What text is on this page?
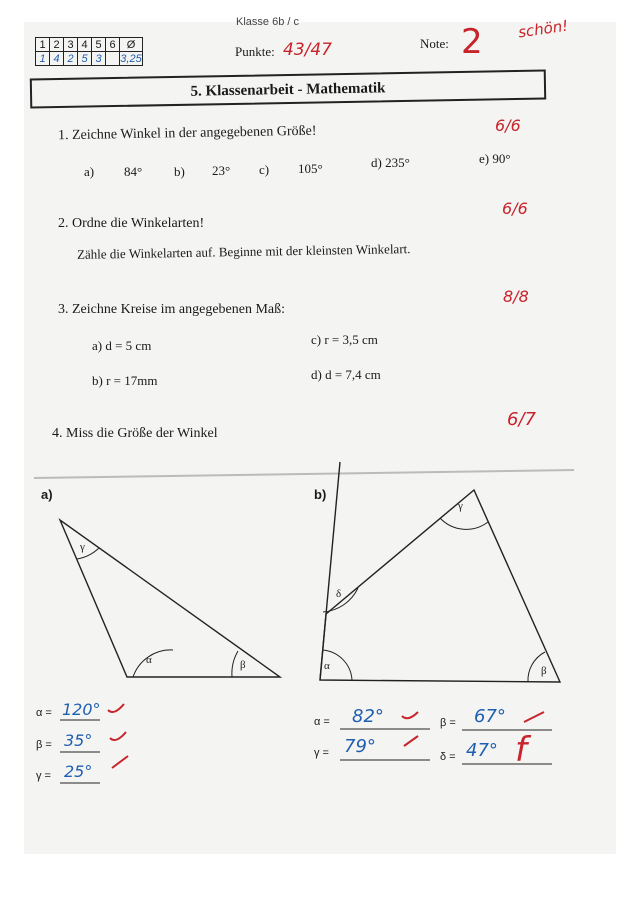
Klasse 6b / c
1	2	3	4	5	6	Ø
1	4	2	5	3		3,25	Punkte: 43/47	Note: 2 schön!
5. Klassenarbeit - Mathematik
1. Zeichne Winkel in der angegebenen Größe!	6/6
a) 84° b) 23° c) 105°	d) 235°	e) 90°
2. Ordne die Winkelarten!
6/6
Zähle die Winkelarten auf. Beginne mit der kleinsten Winkelart.
3. Zeichne Kreise im angegebenen Maß:
8/8
a) d = 5 cm	c) r = 3,5 cm
b) r = 17mm	d) d = 7,4 cm
4. Miss die Größe der Winkel
6/7
a)	b)
γ
α	β
γ
δ
α	β
α = 120°
β = 35°
γ = 25°
α = 82°
γ = 79°
β = 67°
δ = 47° f
